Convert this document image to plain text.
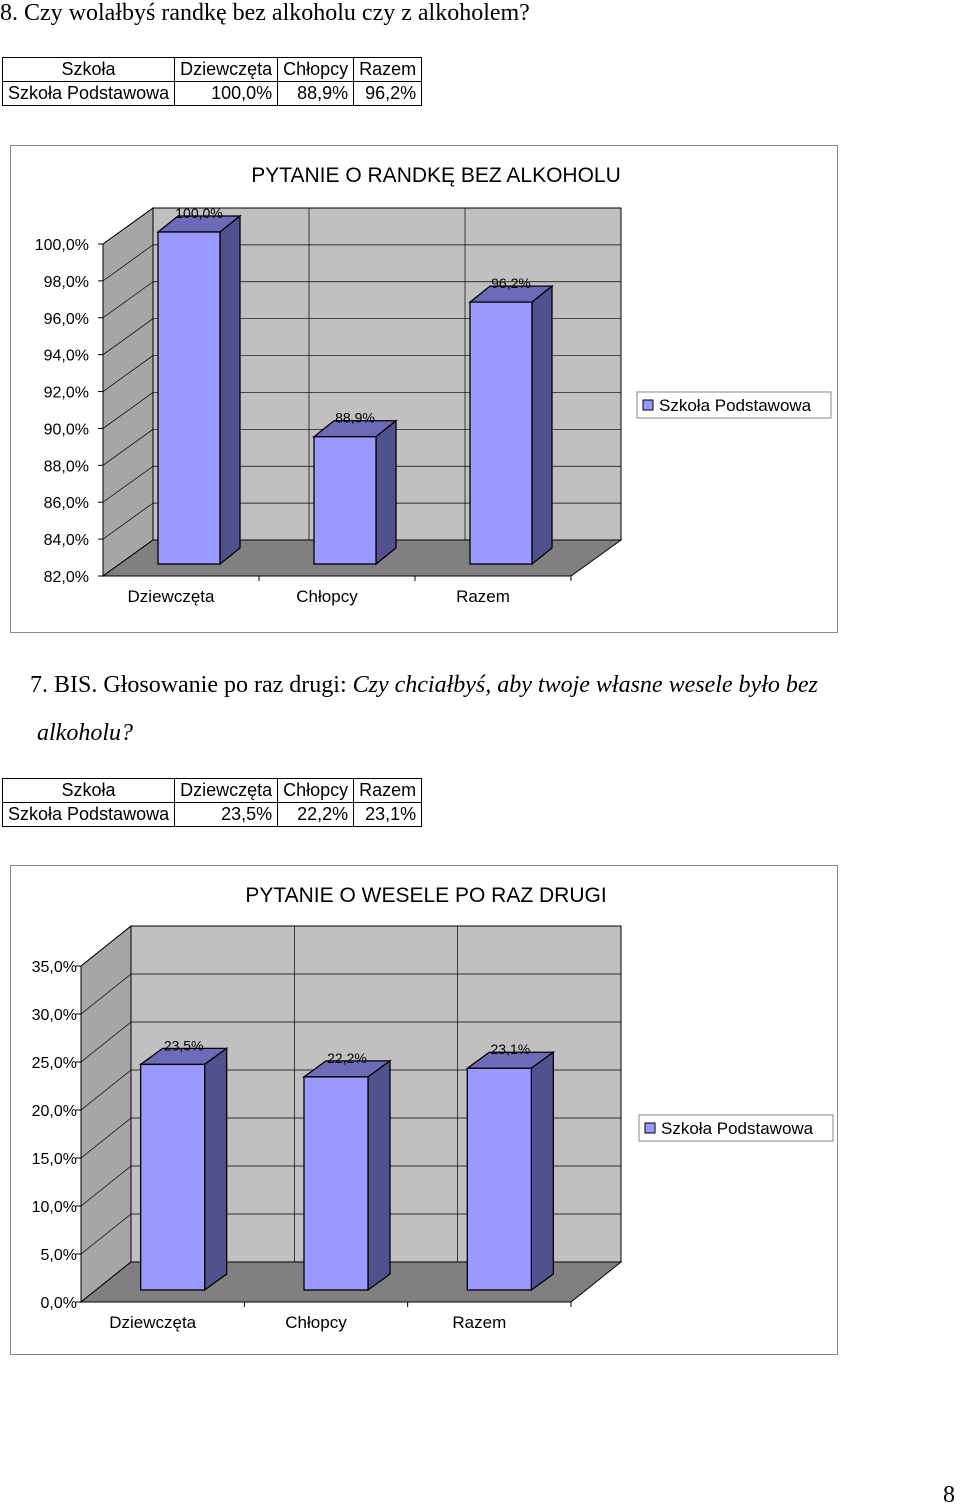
8. Czy wolałbyś randkę bez alkoholu czy z alkoholem?
Szkoła	Dziewczęta	Chłopcy	Razem
Szkoła Podstawowa	100,0%	88,9%	96,2%
PYTANIE O RANDKĘ BEZ ALKOHOLU
82,0%
84,0%
86,0%
88,0%
90,0%
92,0%
94,0%
96,0%
98,0%
100,0%
100,0%
Dziewczęta
88,9%
Chłopcy
96,2%
Razem
Szkoła Podstawowa
7. BIS. Głosowanie po raz drugi: Czy chciałbyś, aby twoje własne wesele było bez
alkoholu?
Szkoła	Dziewczęta	Chłopcy	Razem
Szkoła Podstawowa	23,5%	22,2%	23,1%
PYTANIE O WESELE PO RAZ DRUGI
0,0%
5,0%
10,0%
15,0%
20,0%
25,0%
30,0%
35,0%
23,5%
Dziewczęta
22,2%
Chłopcy
23,1%
Razem
Szkoła Podstawowa
8
